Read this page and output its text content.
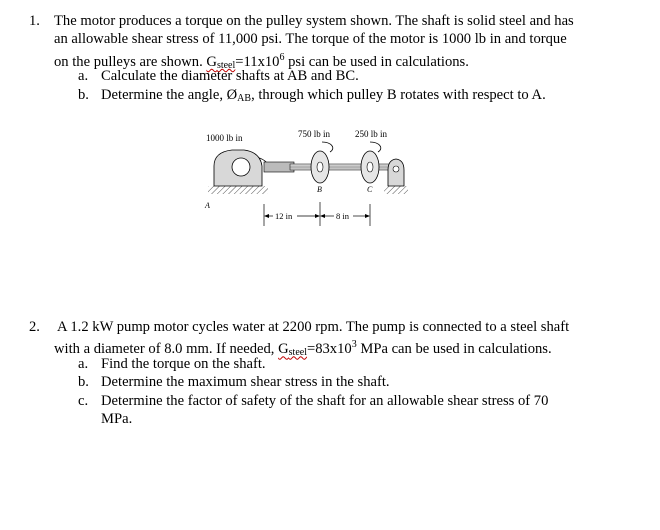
1. The motor produces a torque on the pulley system shown. The shaft is solid steel and has
an allowable shear stress of 11,000 psi. The torque of the motor is 1000 lb in and torque
on the pulleys are shown. $Gsteel=11x10^6$ psi can be used in calculations.
a. Calculate the diameter shafts at AB and BC.
b. Determine the angle, ØAB, through which pulley B rotates with respect to A.
1000 lb in	750 lb in	250 lb in
A
B	C
12 in	8 in
2. A 1.2 kW pump motor cycles water at 2200 rpm. The pump is connected to a steel shaft
with a diameter of 8.0 mm. If needed, $Gsteel=83x10^3$ MPa can be used in calculations.
a. Find the torque on the shaft.
b. Determine the maximum shear stress in the shaft.
c. Determine the factor of safety of the shaft for an allowable shear stress of 70
MPa.
